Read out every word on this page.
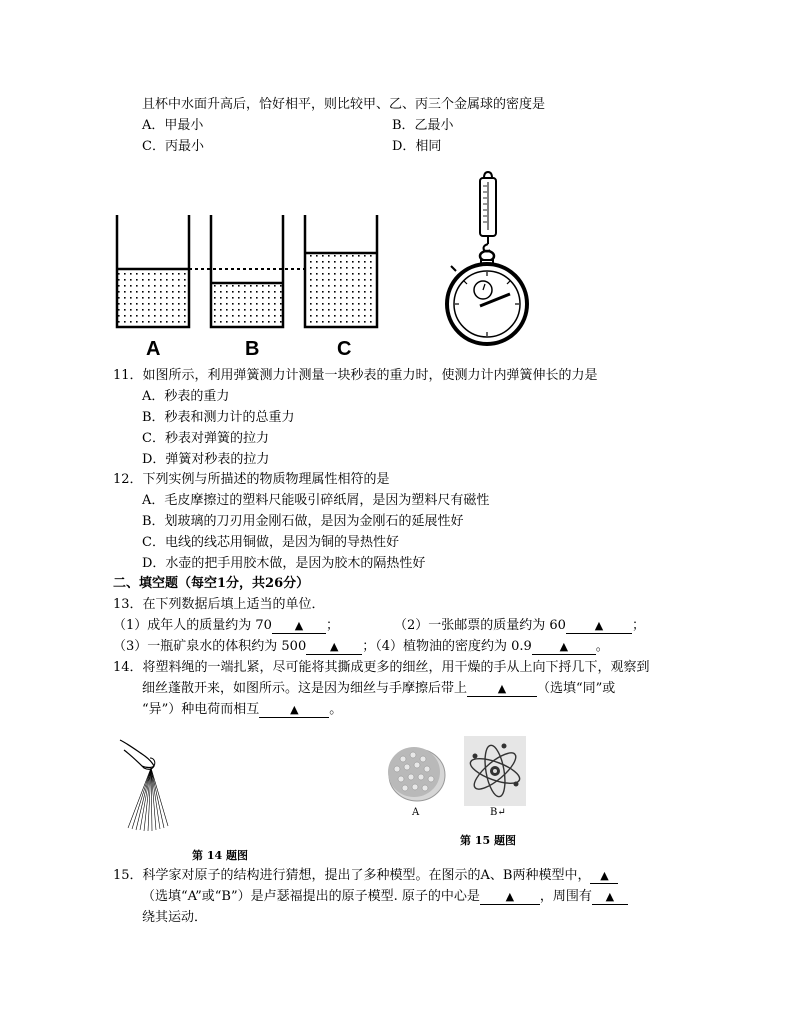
且杯中水面升高后，恰好相平，则比较甲、乙、丙三个金属球的密度是
A．甲最小	B．乙最小
C．丙最小	D．相同
A	B	C
11．如图所示，利用弹簧测力计测量一块秒表的重力时，使测力计内弹簧伸长的力是
A．秒表的重力
B．秒表和测力计的总重力
C．秒表对弹簧的拉力
D．弹簧对秒表的拉力
12．下列实例与所描述的物质物理属性相符的是
A．毛皮摩擦过的塑料尺能吸引碎纸屑，是因为塑料尺有磁性
B．划玻璃的刀刃用金刚石做，是因为金刚石的延展性好
C．电线的线芯用铜做，是因为铜的导热性好
D．水壶的把手用胶木做，是因为胶木的隔热性好
二、填空题（每空1分，共26分）
13．在下列数据后填上适当的单位．
（1）成年人的质量约为 70 ▲ ；	（2）一张邮票的质量约为 60	▲ ；
（3）一瓶矿泉水的体积约为 500 ▲ ；（4）植物油的密度约为 0.9	▲ 。
14．将塑料绳的一端扎紧，尽可能将其撕成更多的细丝，用干燥的手从上向下捋几下，观察到
细丝蓬散开来，如图所示。这是因为细丝与手摩擦后带上	▲ （选填“同”或
“异”）种电荷而相互	▲ 。
第 14 题图
A	B↵
第 15 题图
15．科学家对原子的结构进行猜想，提出了多种模型。在图示的A、B两种模型中， ▲
（选填“A”或“B”）是卢瑟福提出的原子模型. 原子的中心是 ▲ ，周围有 ▲
绕其运动．
